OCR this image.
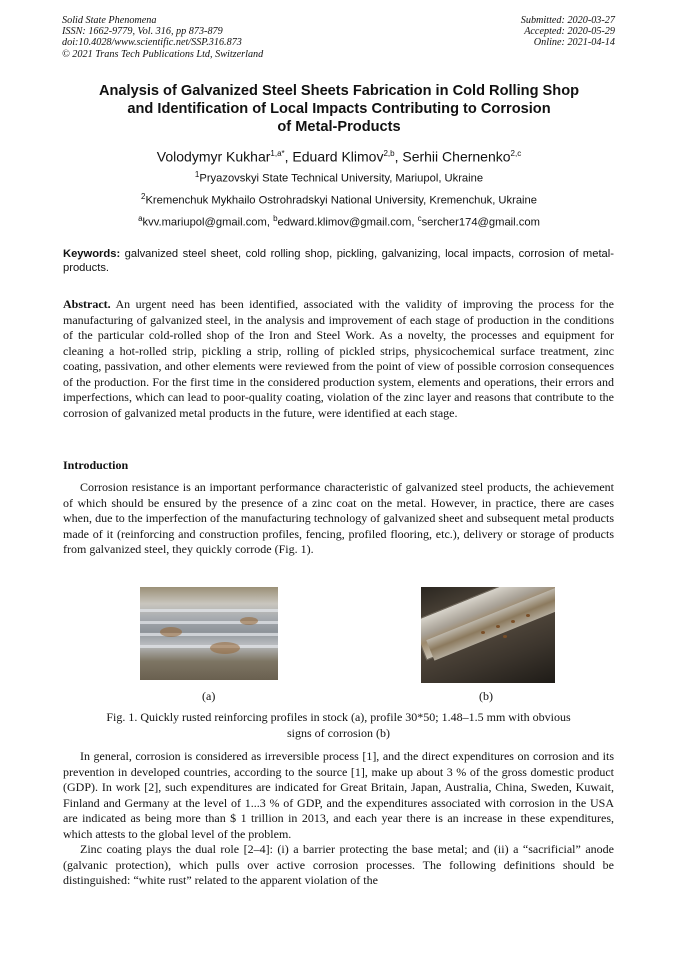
Solid State Phenomena
ISSN: 1662-9779, Vol. 316, pp 873-879
doi:10.4028/www.scientific.net/SSP.316.873
© 2021 Trans Tech Publications Ltd, Switzerland
Submitted: 2020-03-27
Accepted: 2020-05-29
Online: 2021-04-14
Analysis of Galvanized Steel Sheets Fabrication in Cold Rolling Shop
and Identification of Local Impacts Contributing to Corrosion
of Metal-Products
Volodymyr Kukhar$^{1,a*}$, Eduard Klimov$^{2,b}$, Serhii Chernenko$^{2,c}$
$^1$Pryazovskyi State Technical University, Mariupol, Ukraine
$^2$Kremenchuk Mykhailo Ostrohradskyi National University, Kremenchuk, Ukraine
$^a$kvv.mariupol@gmail.com, $^b$edward.klimov@gmail.com, $^c$sercher174@gmail.com
Keywords: galvanized steel sheet, cold rolling shop, pickling, galvanizing, local impacts, corrosion of metal-products.
Abstract. An urgent need has been identified, associated with the validity of improving the process for the manufacturing of galvanized steel, in the analysis and improvement of each stage of production in the conditions of the particular cold-rolled shop of the Iron and Steel Work. As a novelty, the processes and equipment for cleaning a hot-rolled strip, pickling a strip, rolling of pickled strips, physicochemical surface treatment, zinc coating, passivation, and other elements were reviewed from the point of view of possible corrosion consequences of the production. For the first time in the considered production system, elements and operations, their errors and imperfections, which can lead to poor-quality coating, violation of the zinc layer and reasons that contribute to the corrosion of galvanized metal products in the future, were identified at each stage.
Introduction

Corrosion resistance is an important performance characteristic of galvanized steel products, the achievement of which should be ensured by the presence of a zinc coat on the metal. However, in practice, there are cases when, due to the imperfection of the manufacturing technology of galvanized sheet and subsequent metal products made of it (reinforcing and construction profiles, fencing, profiled flooring, etc.), delivery or storage of products from galvanized steel, they quickly corrode (Fig. 1).

(a)	(b)
Fig. 1. Quickly rusted reinforcing profiles in stock (a), profile 30*50; 1.48–1.5 mm with obvious
signs of corrosion (b)

In general, corrosion is considered as irreversible process [1], and the direct expenditures on corrosion and its prevention in developed countries, according to the source [1], make up about 3 % of the gross domestic product (GDP). In work [2], such expenditures are indicated for Great Britain, Japan, Australia, China, Sweden, Kuwait, Finland and Germany at the level of 1...3 % of GDP, and the expenditures associated with corrosion in the USA are indicated as being more than $ 1 trillion in 2013, and each year there is an increase in these expenditures, which attests to the global level of the problem.

Zinc coating plays the dual role [2–4]: (i) a barrier protecting the base metal; and (ii) a “sacrificial” anode (galvanic protection), which pulls over active corrosion processes. The following definitions should be distinguished: “white rust” related to the apparent violation of the
